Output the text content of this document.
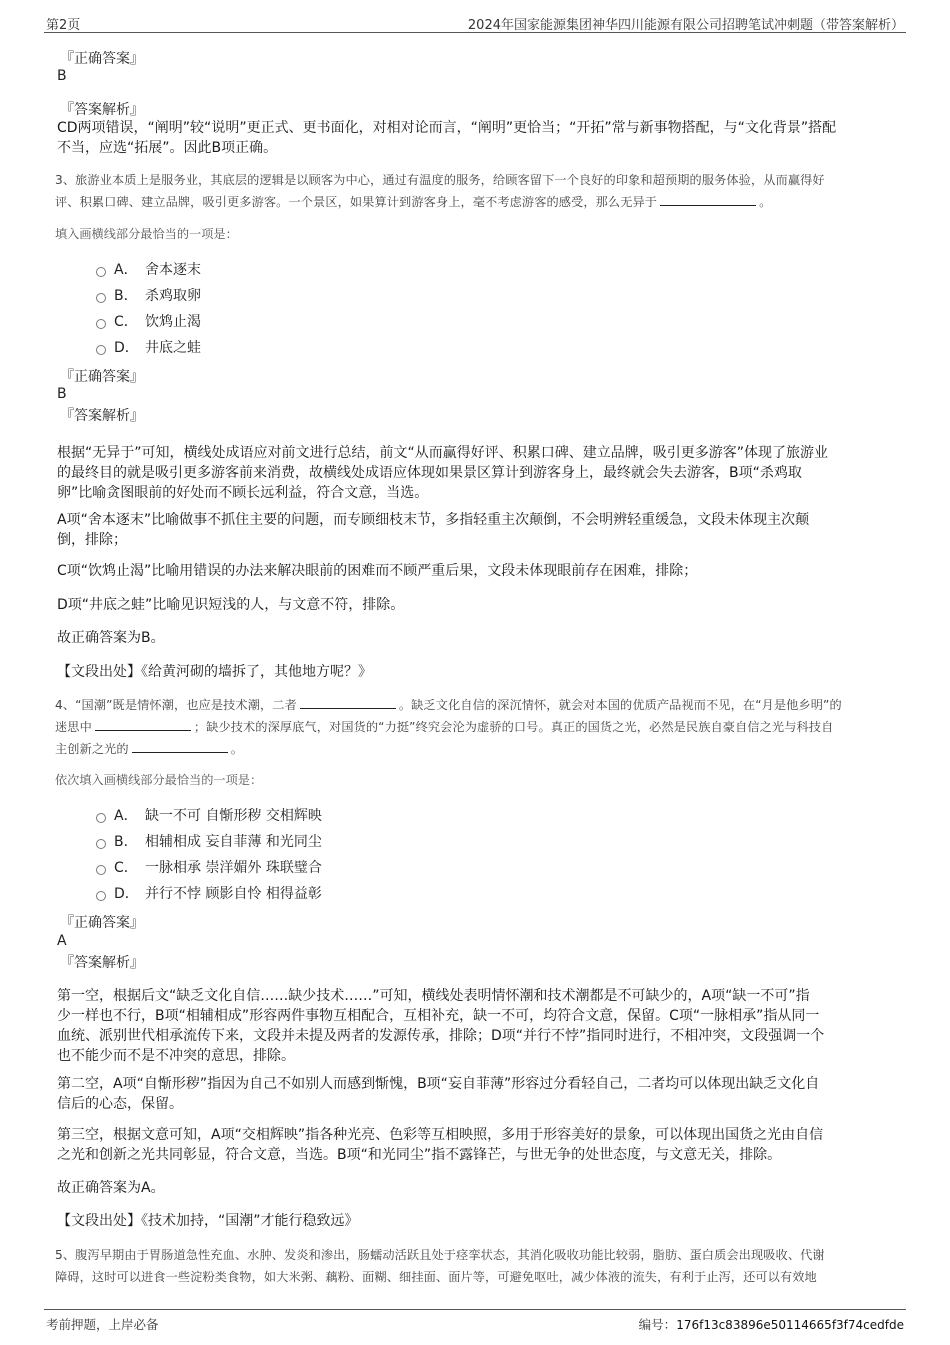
第2页	2024年国家能源集团神华四川能源有限公司招聘笔试冲刺题（带答案解析）
『正确答案』
B
『答案解析』
CD两项错误，“阐明”较“说明”更正式、更书面化，对相对论而言，“阐明”更恰当；“开拓”常与新事物搭配，与“文化背景”搭配
不当，应选“拓展”。因此B项正确。
3、旅游业本质上是服务业，其底层的逻辑是以顾客为中心，通过有温度的服务，给顾客留下一个良好的印象和超预期的服务体验，从而赢得好
评、积累口碑、建立品牌，吸引更多游客。一个景区，如果算计到游客身上，毫不考虑游客的感受，那么无异于	。
填入画横线部分最恰当的一项是：
A． 舍本逐末
B． 杀鸡取卵
C． 饮鸩止渴
D． 井底之蛙
『正确答案』
B
『答案解析』
根据“无异于”可知，横线处成语应对前文进行总结，前文“从而赢得好评、积累口碑、建立品牌，吸引更多游客”体现了旅游业
的最终目的就是吸引更多游客前来消费，故横线处成语应体现如果景区算计到游客身上，最终就会失去游客，B项“杀鸡取
卵”比喻贪图眼前的好处而不顾长远利益，符合文意，当选。
A项“舍本逐末”比喻做事不抓住主要的问题，而专顾细枝末节，多指轻重主次颠倒，不会明辨轻重缓急，文段未体现主次颠
倒，排除；
C项“饮鸩止渴”比喻用错误的办法来解决眼前的困难而不顾严重后果，文段未体现眼前存在困难，排除；
D项“井底之蛙”比喻见识短浅的人，与文意不符，排除。
故正确答案为B。
【文段出处】《给黄河砌的墙拆了，其他地方呢？》
4、“国潮”既是情怀潮，也应是技术潮，二者	。缺乏文化自信的深沉情怀，就会对本国的优质产品视而不见，在“月是他乡明”的
迷思中	；缺少技术的深厚底气，对国货的“力挺”终究会沦为虚骄的口号。真正的国货之光，必然是民族自豪自信之光与科技自
主创新之光的	。
依次填入画横线部分最恰当的一项是：
A． 缺一不可 自惭形秽 交相辉映
B． 相辅相成 妄自菲薄 和光同尘
C． 一脉相承 崇洋媚外 珠联璧合
D． 并行不悖 顾影自怜 相得益彰
『正确答案』
A
『答案解析』
第一空，根据后文“缺乏文化自信……缺少技术……”可知，横线处表明情怀潮和技术潮都是不可缺少的，A项“缺一不可”指
少一样也不行，B项“相辅相成”形容两件事物互相配合，互相补充，缺一不可，均符合文意，保留。C项“一脉相承”指从同一
血统、派别世代相承流传下来，文段并未提及两者的发源传承，排除；D项“并行不悖”指同时进行，不相冲突，文段强调一个
也不能少而不是不冲突的意思，排除。
第二空，A项“自惭形秽”指因为自己不如别人而感到惭愧，B项“妄自菲薄”形容过分看轻自己，二者均可以体现出缺乏文化自
信后的心态，保留。
第三空，根据文意可知，A项“交相辉映”指各种光亮、色彩等互相映照，多用于形容美好的景象，可以体现出国货之光由自信
之光和创新之光共同彰显，符合文意，当选。B项“和光同尘”指不露锋芒，与世无争的处世态度，与文意无关，排除。
故正确答案为A。
【文段出处】《技术加持，“国潮”才能行稳致远》
5、腹泻早期由于胃肠道急性充血、水肿、发炎和渗出，肠蠕动活跃且处于痉挛状态，其消化吸收功能比较弱，脂肪、蛋白质会出现吸收、代谢
障碍，这时可以进食一些淀粉类食物，如大米粥、藕粉、面糊、细挂面、面片等，可避免呕吐，减少体液的流失，有利于止泻，还可以有效地
考前押题，上岸必备	编号：176f13c83896e50114665f3f74cedfde
